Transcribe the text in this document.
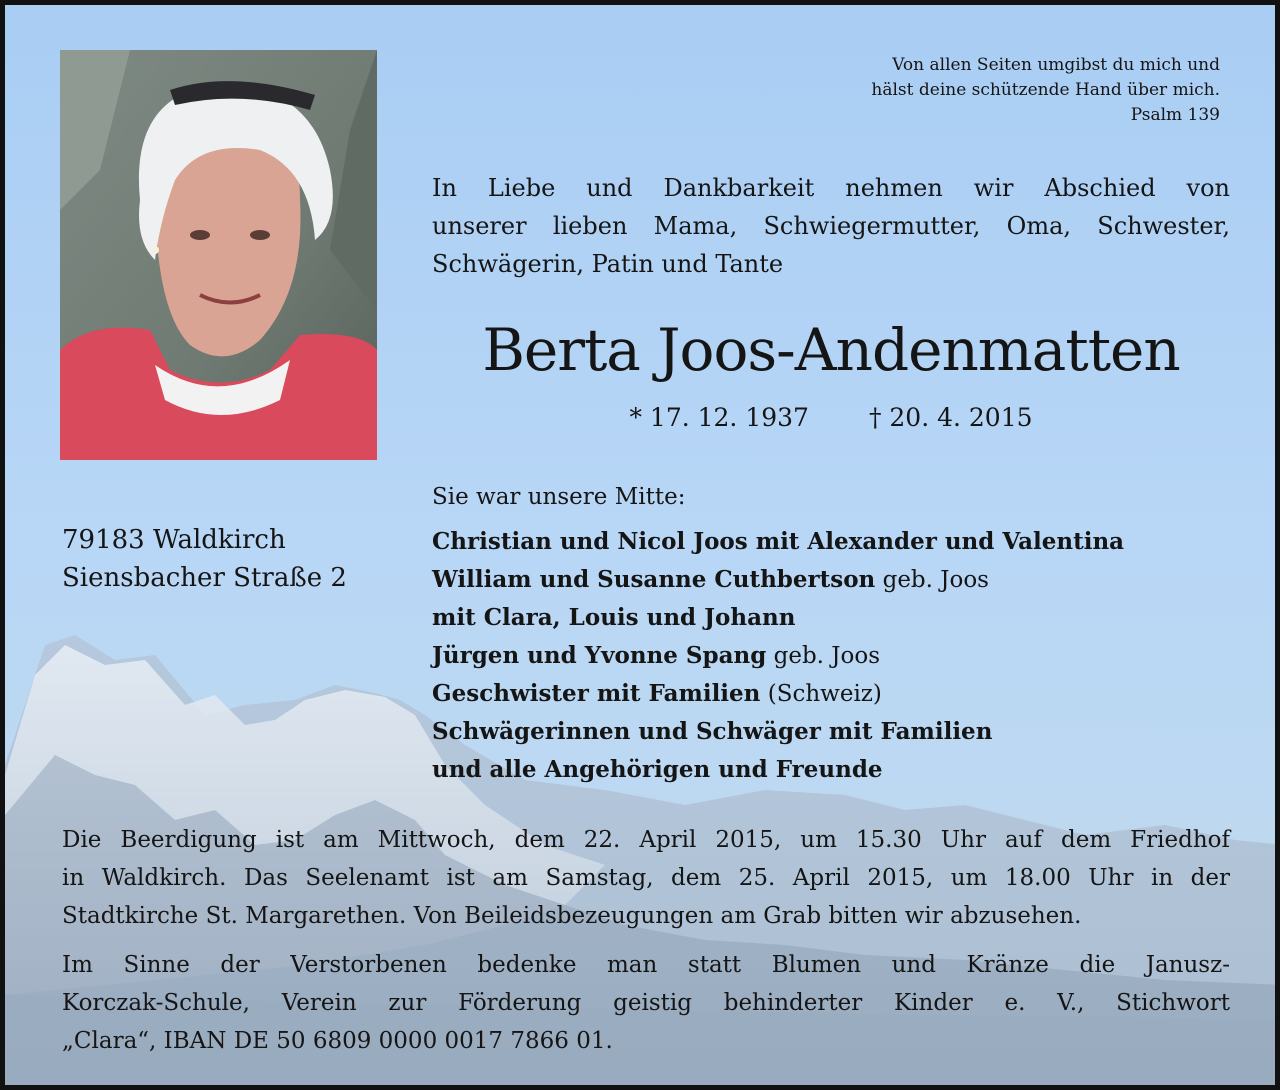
Von allen Seiten umgibst du mich und
hälst deine schützende Hand über mich.
Psalm 139
In Liebe und Dankbarkeit nehmen wir Abschied von
unserer lieben Mama, Schwiegermutter, Oma, Schwester,
Schwägerin, Patin und Tante
Berta Joos-Andenmatten
* 17. 12. 1937 † 20. 4. 2015
79183 Waldkirch
Siensbacher Straße 2
Sie war unsere Mitte:
Christian und Nicol Joos mit Alexander und Valentina
William und Susanne Cuthbertson geb. Joos
mit Clara, Louis und Johann
Jürgen und Yvonne Spang geb. Joos
Geschwister mit Familien (Schweiz)
Schwägerinnen und Schwäger mit Familien
und alle Angehörigen und Freunde
Die Beerdigung ist am Mittwoch, dem 22. April 2015, um 15.30 Uhr auf dem Friedhof
in Waldkirch. Das Seelenamt ist am Samstag, dem 25. April 2015, um 18.00 Uhr in der
Stadtkirche St. Margarethen. Von Beileidsbezeugungen am Grab bitten wir abzusehen.
Im Sinne der Verstorbenen bedenke man statt Blumen und Kränze die Janusz-
Korczak-Schule, Verein zur Förderung geistig behinderter Kinder e. V., Stichwort
„Clara“, IBAN DE 50 6809 0000 0017 7866 01.
